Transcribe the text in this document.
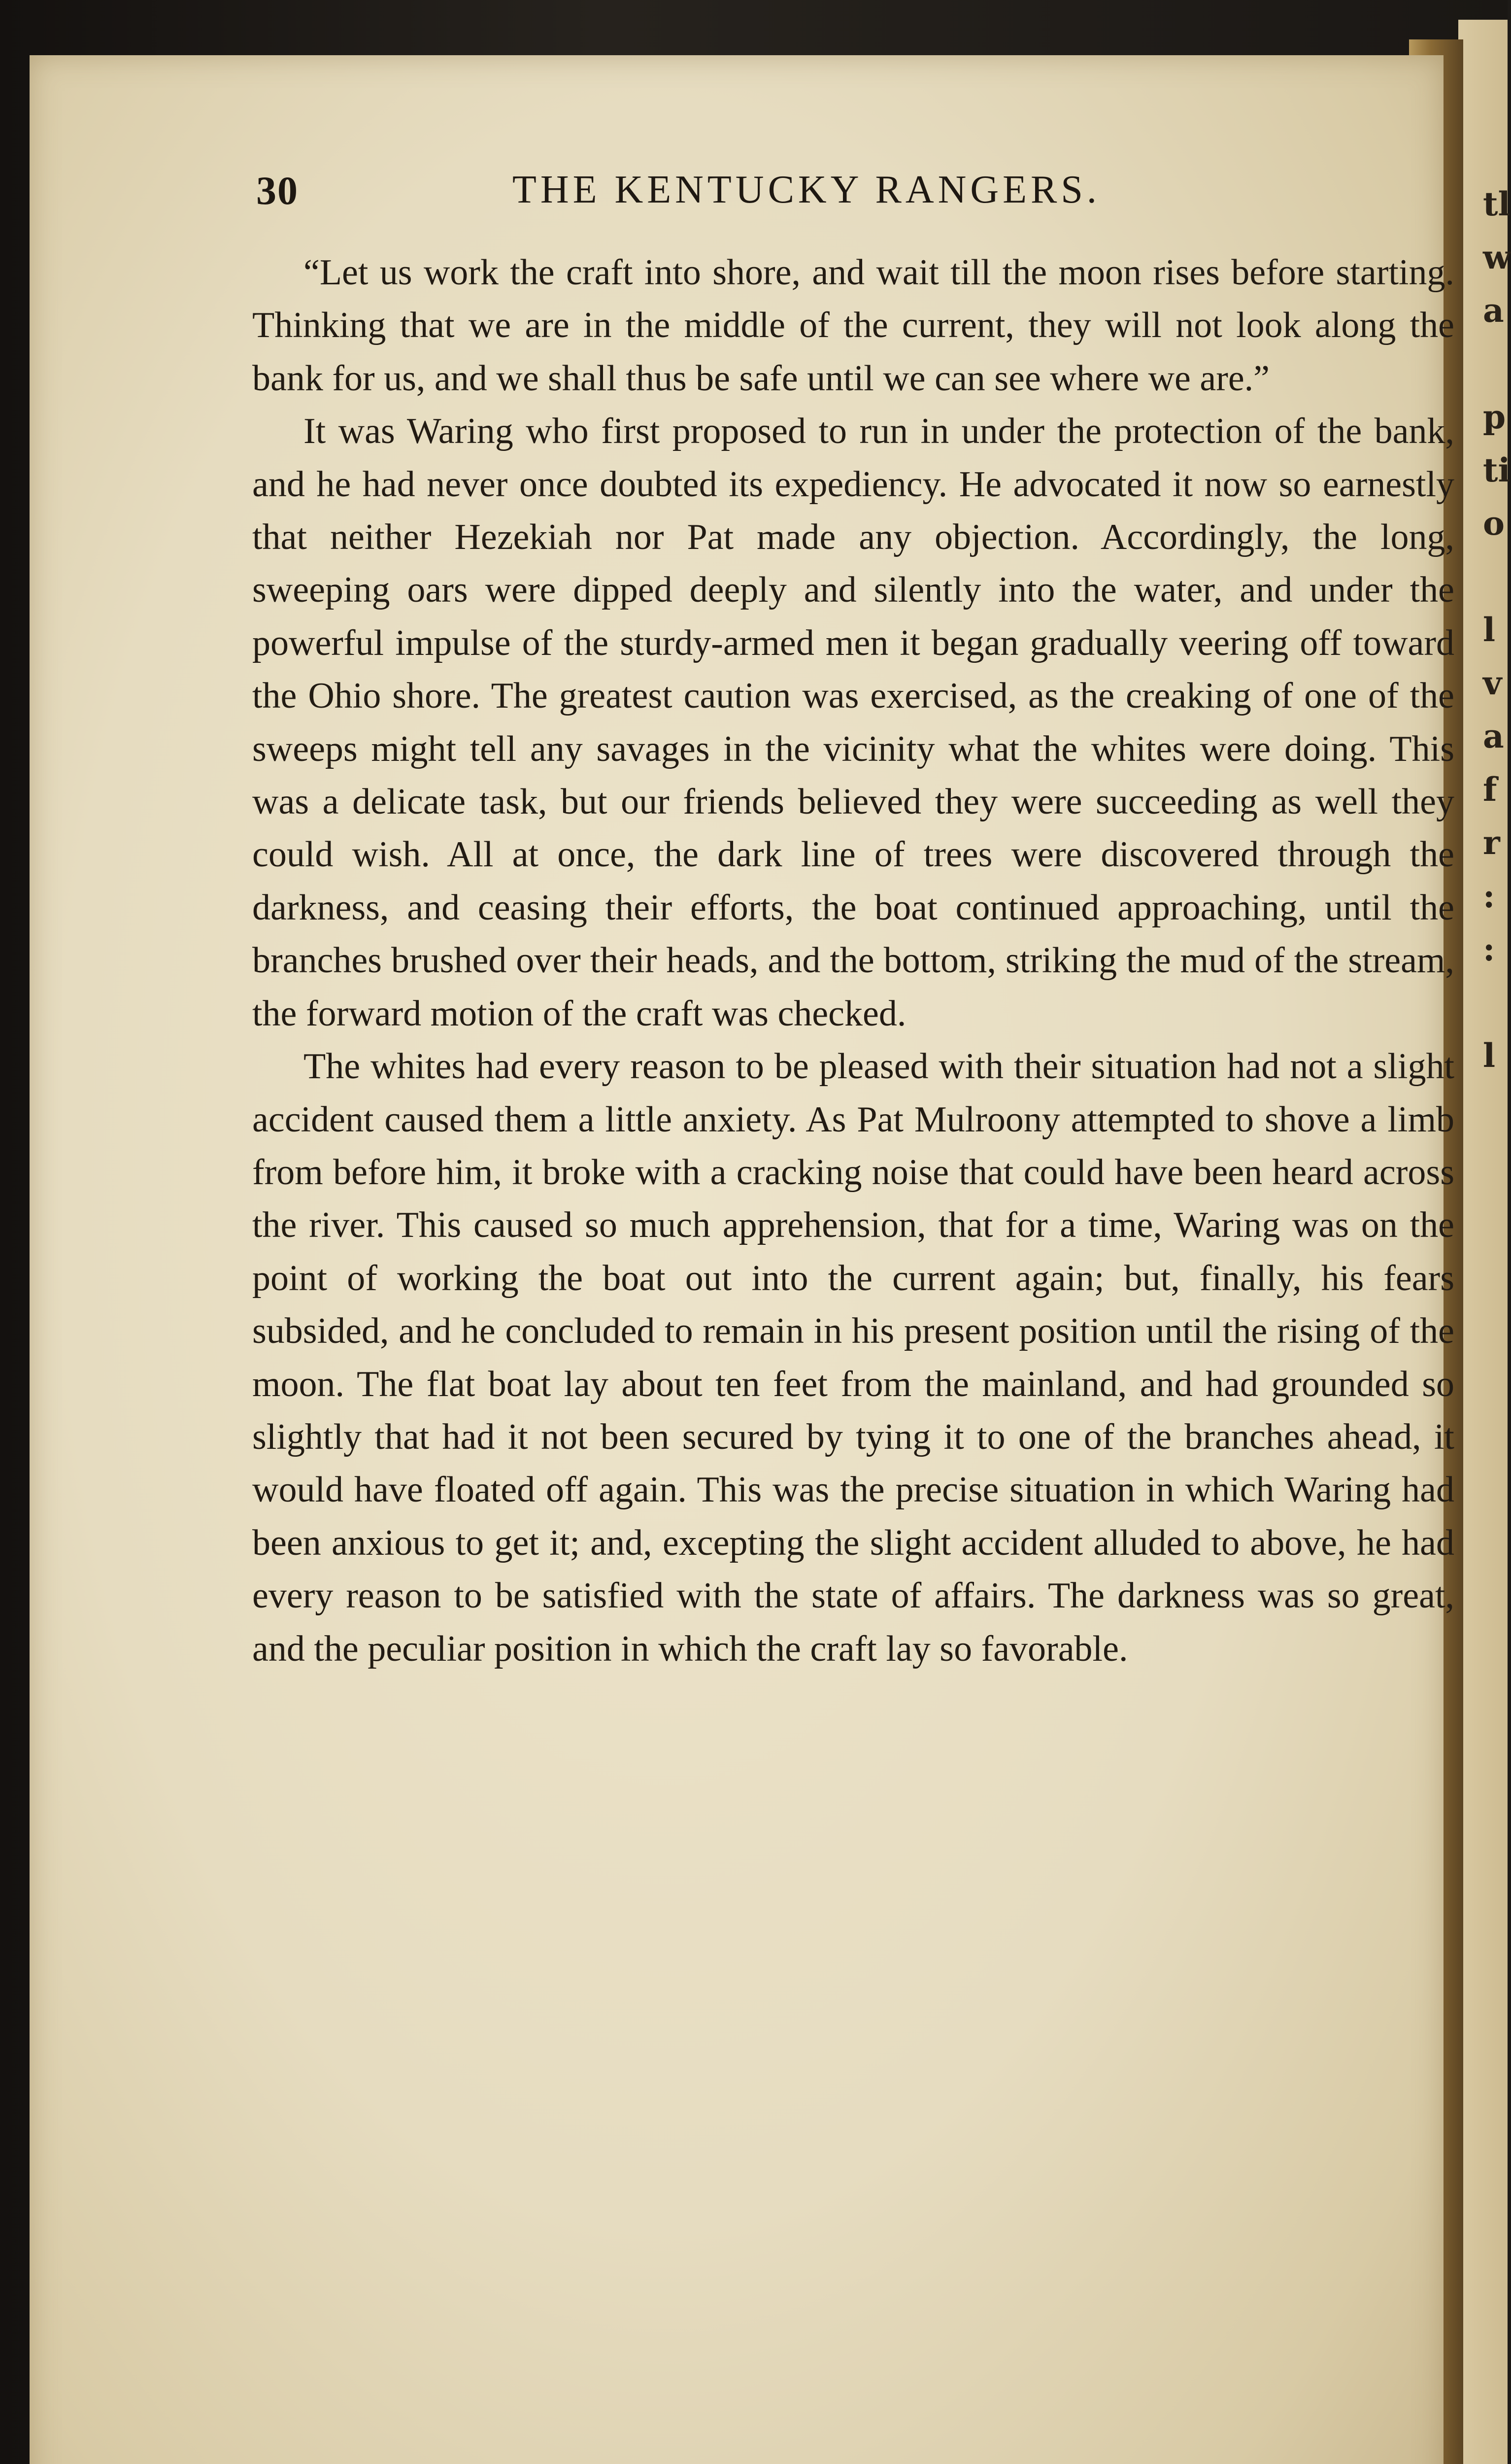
tl
w
a
p
ti
o
l
v
a
f
r
:
:
l
30	THE KENTUCKY RANGERS.

“Let us work the craft into shore, and wait till the moon rises before starting. Thinking that we are in the middle of the current, they will not look along the bank for us, and we shall thus be safe until we can see where we are.”

It was Waring who first proposed to run in under the protection of the bank, and he had never once doubted its expediency. He advocated it now so earnestly that neither Hezekiah nor Pat made any objection. Accordingly, the long, sweeping oars were dipped deeply and silently into the water, and under the powerful impulse of the sturdy-armed men it began gradually veering off toward the Ohio shore. The greatest caution was exercised, as the creaking of one of the sweeps might tell any savages in the vicinity what the whites were doing. This was a delicate task, but our friends believed they were succeeding as well they could wish. All at once, the dark line of trees were discovered through the darkness, and ceasing their efforts, the boat continued approaching, until the branches brushed over their heads, and the bottom, striking the mud of the stream, the forward motion of the craft was checked.

The whites had every reason to be pleased with their situation had not a slight accident caused them a little anxiety. As Pat Mulroony attempted to shove a limb from before him, it broke with a cracking noise that could have been heard across the river. This caused so much apprehension, that for a time, Waring was on the point of working the boat out into the current again; but, finally, his fears subsided, and he concluded to remain in his present position until the rising of the moon. The flat boat lay about ten feet from the mainland, and had grounded so slightly that had it not been secured by tying it to one of the branches ahead, it would have floated off again. This was the precise situation in which Waring had been anxious to get it; and, excepting the slight accident alluded to above, he had every reason to be satisfied with the state of affairs. The darkness was so great, and the peculiar position in which the craft lay so favorable.
